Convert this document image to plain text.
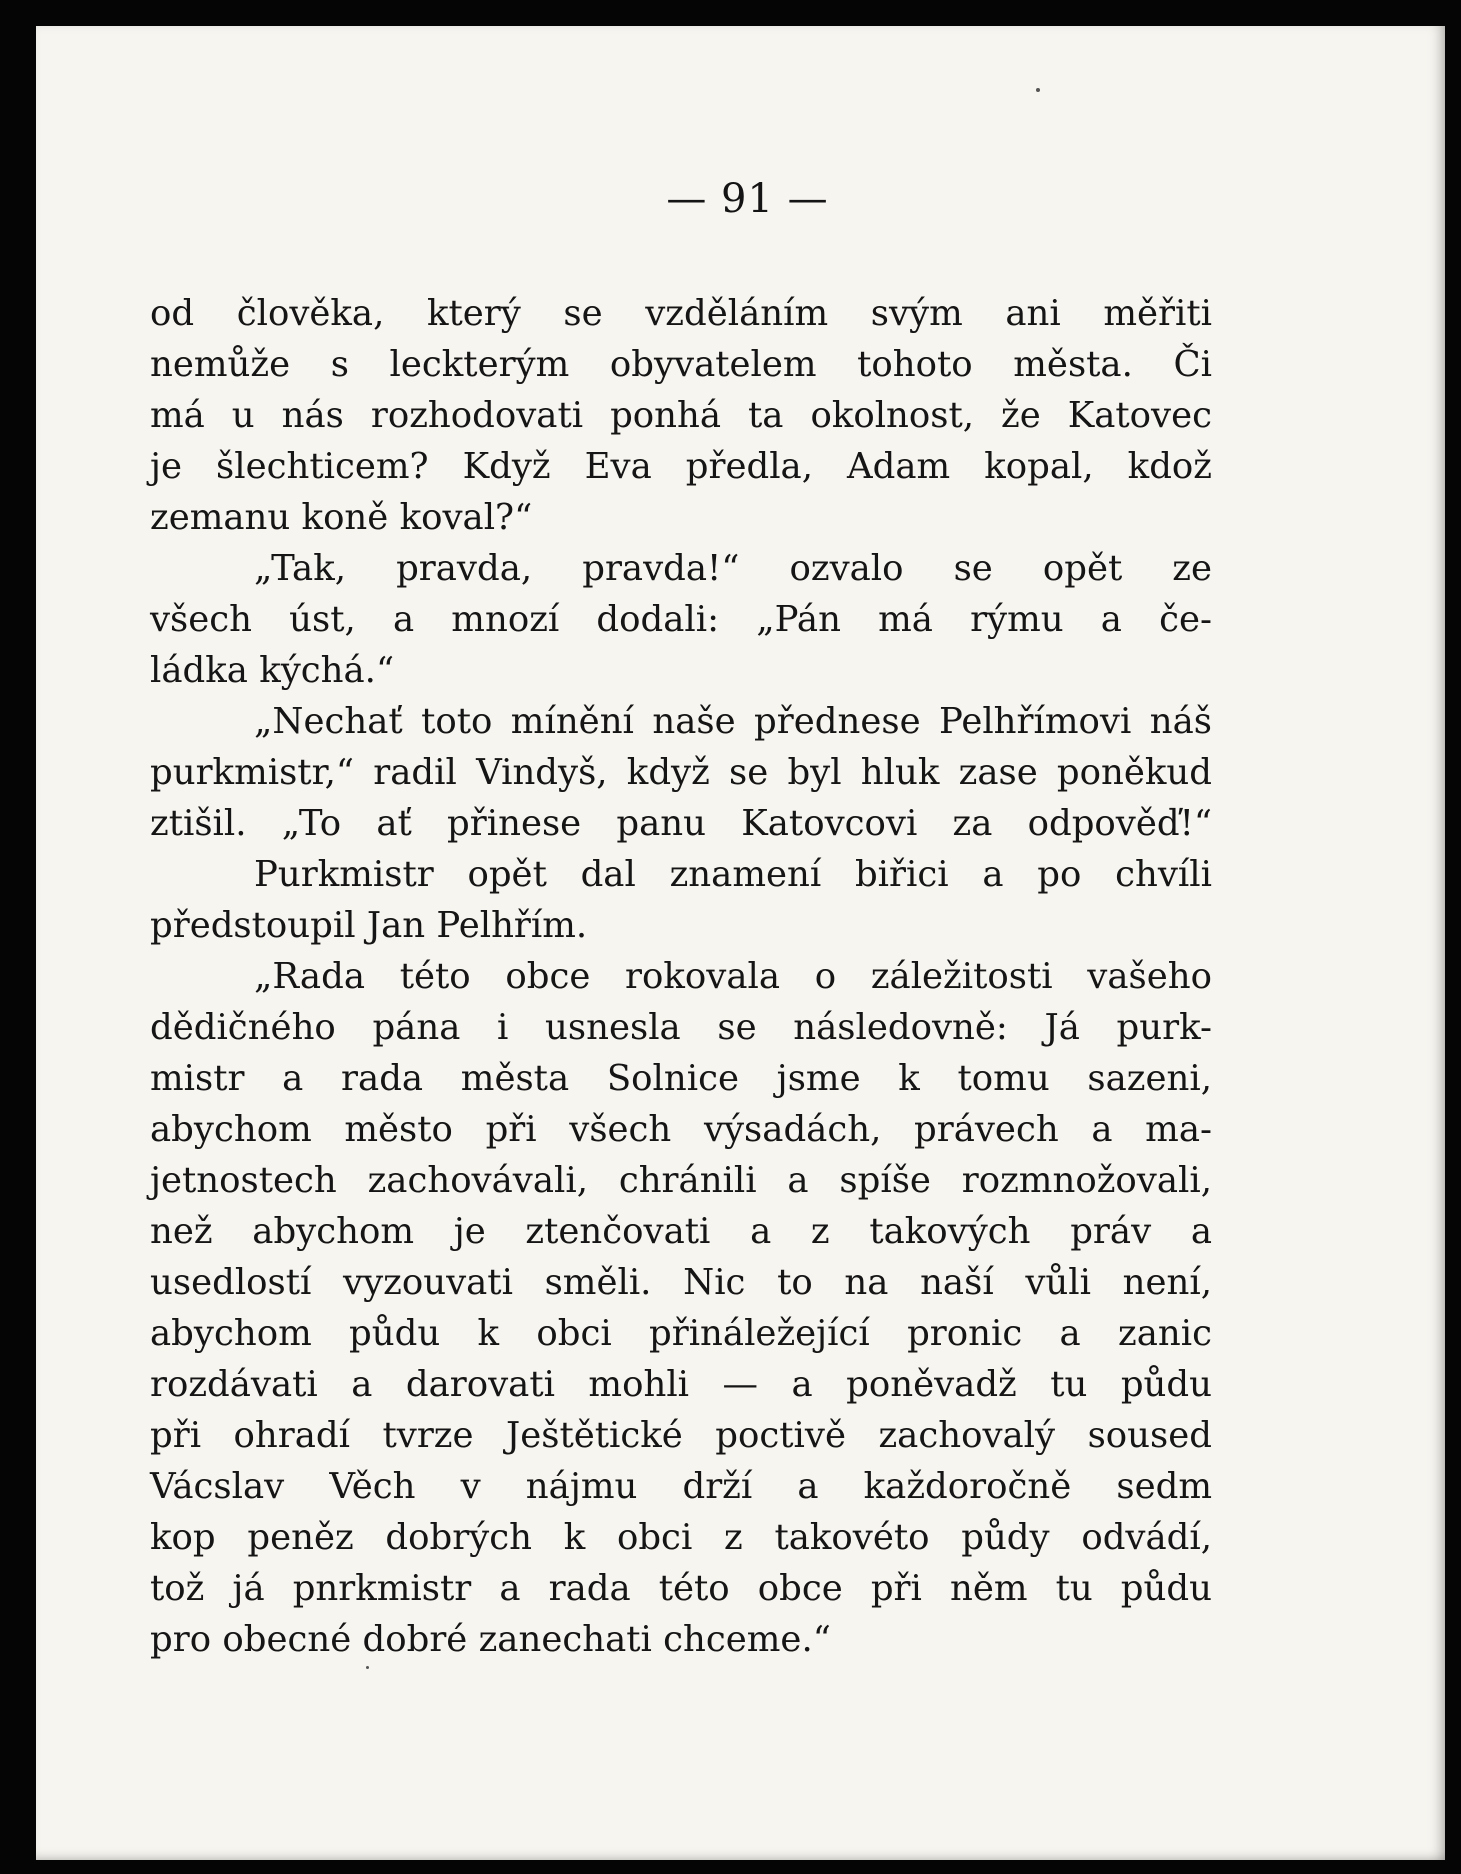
— 91 —
od člověka, který se vzděláním svým ani měřiti
nemůže s leckterým obyvatelem tohoto města. Či
má u nás rozhodovati ponhá ta okolnost, že Katovec
je šlechticem? Když Eva předla, Adam kopal, kdož
zemanu koně koval?“
„Tak, pravda, pravda!“ ozvalo se opět ze
všech úst, a mnozí dodali: „Pán má rýmu a če-
ládka kýchá.“
„Nechať toto mínění naše přednese Pelhřímovi náš
purkmistr,“ radil Vindyš, když se byl hluk zase poněkud
ztišil. „To ať přinese panu Katovcovi za odpověď!“
Purkmistr opět dal znamení biřici a po chvíli
předstoupil Jan Pelhřím.
„Rada této obce rokovala o záležitosti vašeho
dědičného pána i usnesla se následovně: Já purk-
mistr a rada města Solnice jsme k tomu sazeni,
abychom město při všech výsadách, právech a ma-
jetnostech zachovávali, chránili a spíše rozmnožovali,
než abychom je ztenčovati a z takových práv a
usedlostí vyzouvati směli. Nic to na naší vůli není,
abychom půdu k obci přináležející pronic a zanic
rozdávati a darovati mohli — a poněvadž tu půdu
při ohradí tvrze Ještětické poctivě zachovalý soused
Vácslav Věch v nájmu drží a každoročně sedm
kop peněz dobrých k obci z takovéto půdy odvádí,
tož já pnrkmistr a rada této obce při něm tu půdu
pro obecné dobré zanechati chceme.“
